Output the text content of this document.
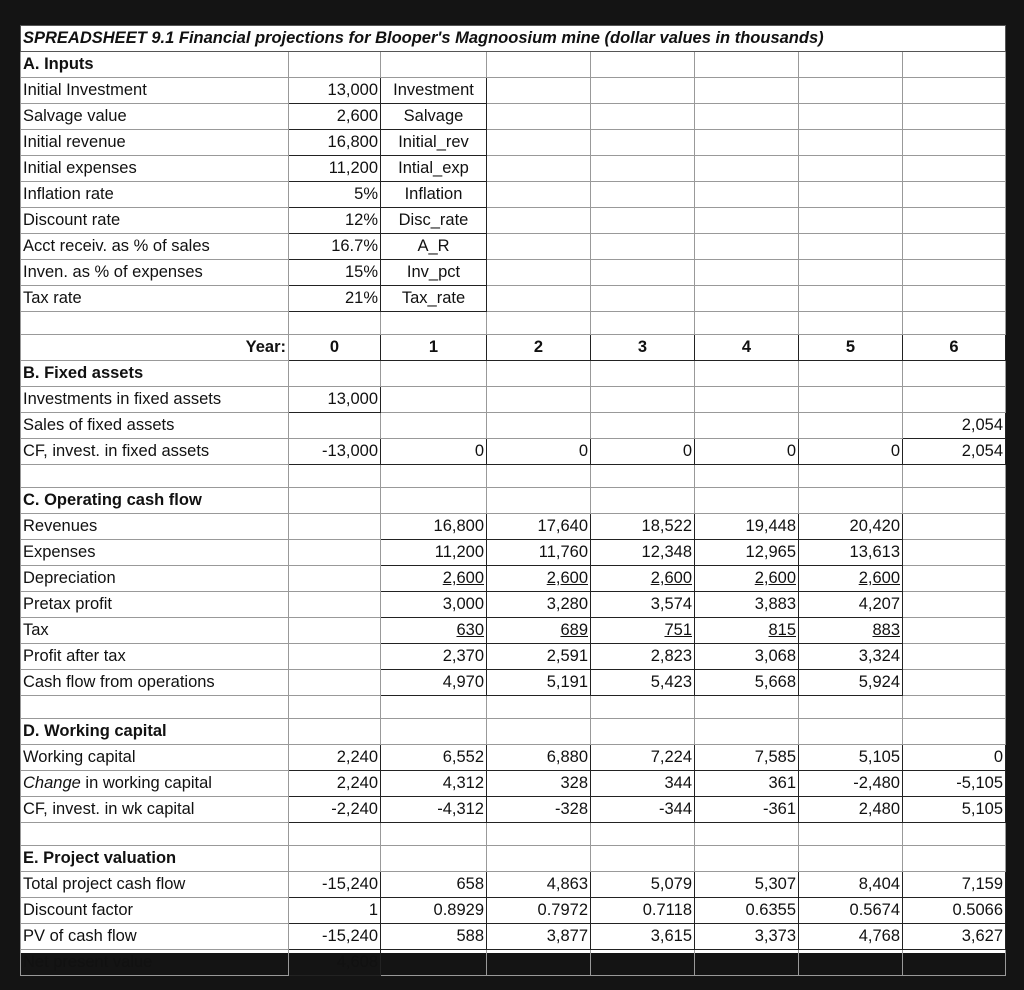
SPREADSHEET 9.1 Financial projections for Blooper's Magnoosium mine (dollar values in thousands)							
A. Inputs							
Initial Investment	13,000	Investment					
Salvage value	2,600	Salvage					
Initial revenue	16,800	Initial_rev					
Initial expenses	11,200	Intial_exp					
Inflation rate	5%	Inflation					
Discount rate	12%	Disc_rate					
Acct receiv. as % of sales	16.7%	A_R					
Inven. as % of expenses	15%	Inv_pct					
Tax rate	21%	Tax_rate					

Year:	0	1	2	3	4	5	6
B. Fixed assets							
Investments in fixed assets	13,000						
Sales of fixed assets							2,054
CF, invest. in fixed assets	-13,000	0	0	0	0	0	2,054

C. Operating cash flow							
Revenues		16,800	17,640	18,522	19,448	20,420	
Expenses		11,200	11,760	12,348	12,965	13,613	
Depreciation		2,600	2,600	2,600	2,600	2,600	
Pretax profit		3,000	3,280	3,574	3,883	4,207	
Tax		630	689	751	815	883	
Profit after tax		2,370	2,591	2,823	3,068	3,324	
Cash flow from operations		4,970	5,191	5,423	5,668	5,924	

D. Working capital							
Working capital	2,240	6,552	6,880	7,224	7,585	5,105	0
Change in working capital	2,240	4,312	328	344	361	-2,480	-5,105
CF, invest. in wk capital	-2,240	-4,312	-328	-344	-361	2,480	5,105

E. Project valuation							
Total project cash flow	-15,240	658	4,863	5,079	5,307	8,404	7,159
Discount factor	1	0.8929	0.7972	0.7118	0.6355	0.5674	0.5066
PV of cash flow	-15,240	588	3,877	3,615	3,373	4,768	3,627
Net present value	4,608						
